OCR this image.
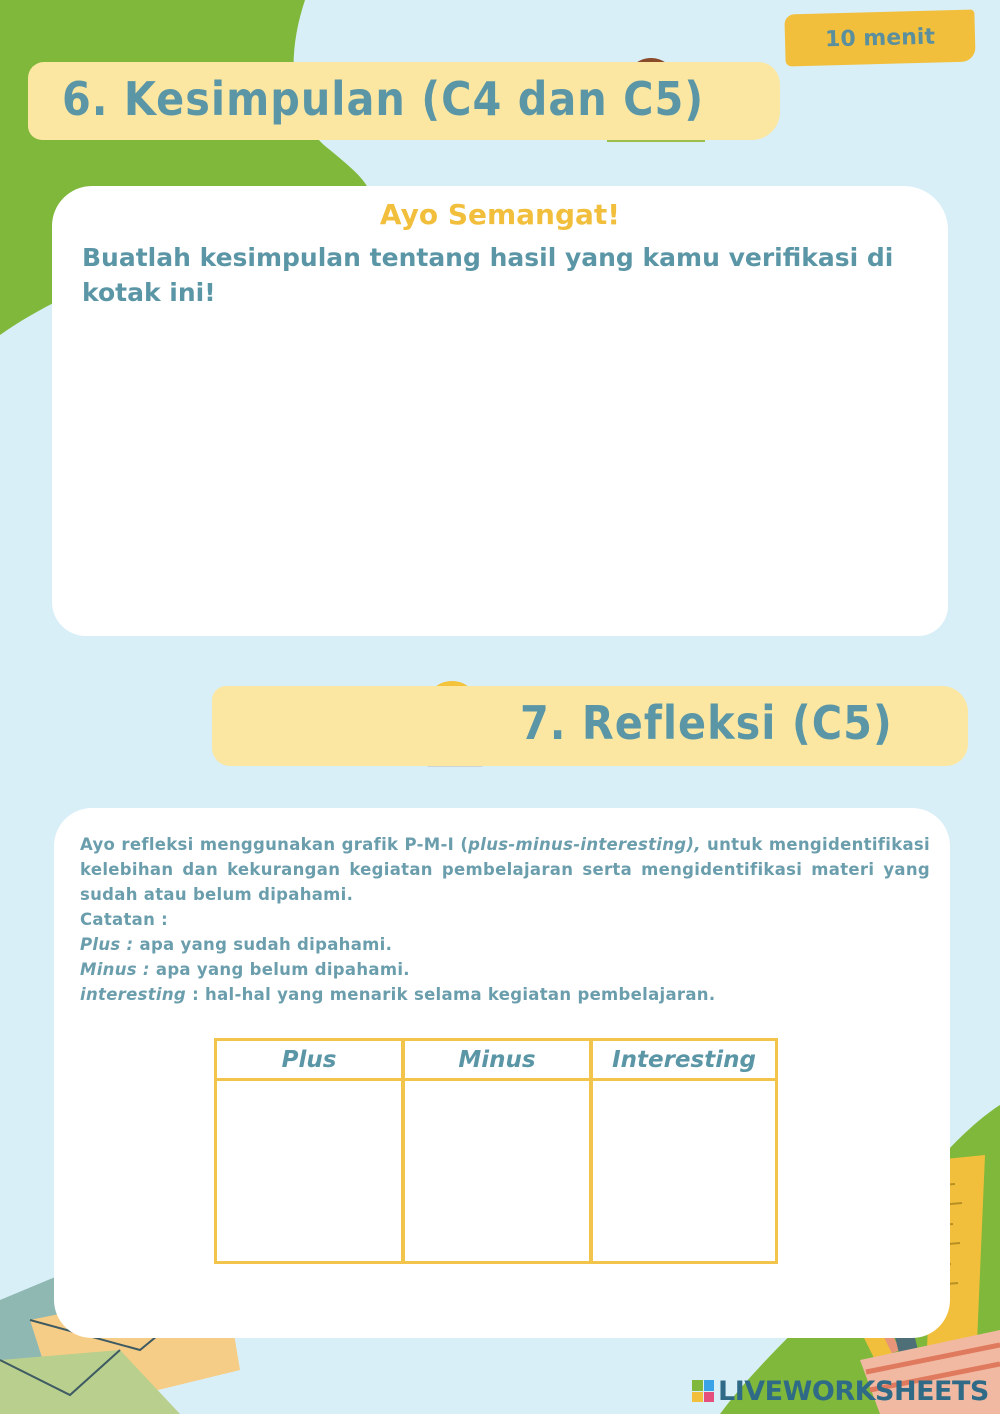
10 menit
6. Kesimpulan (C4 dan C5)
Ayo Semangat!
Buatlah kesimpulan tentang hasil yang kamu verifikasi di kotak ini!
7. Refleksi (C5)
Ayo refleksi menggunakan grafik P-M-I (plus-minus-interesting), untuk mengidentifikasi kelebihan dan kekurangan kegiatan pembelajaran serta mengidentifikasi materi yang sudah atau belum dipahami.
Catatan :
Plus : apa yang sudah dipahami.
Minus : apa yang belum dipahami.
interesting : hal-hal yang menarik selama kegiatan pembelajaran.
Plus	Minus	Interesting
LIVEWORKSHEETS
